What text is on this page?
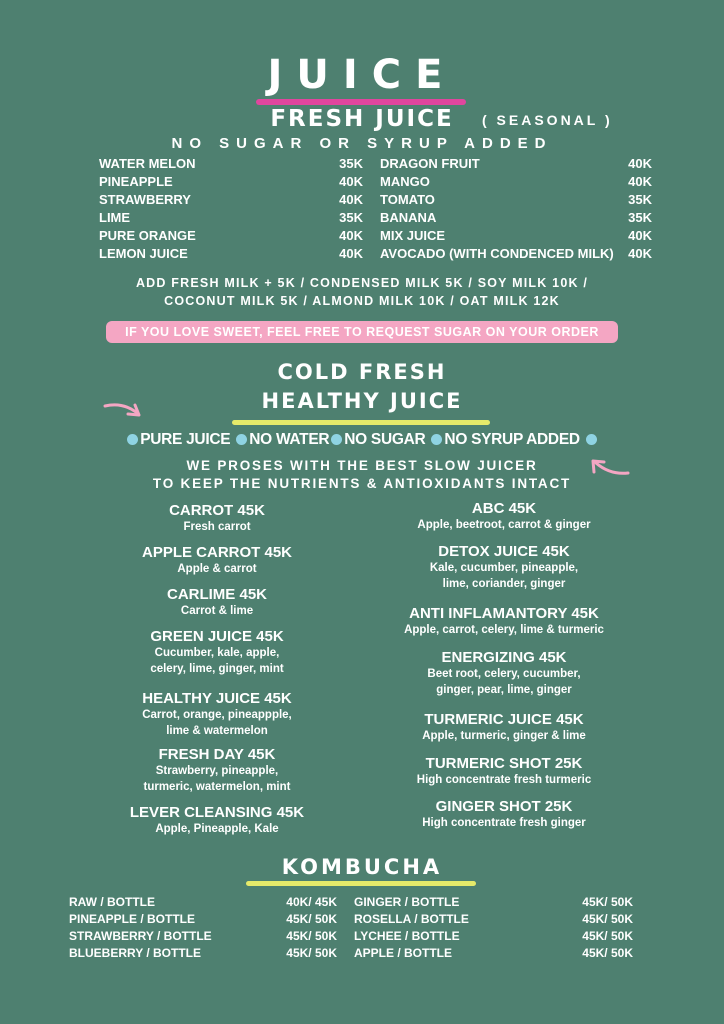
JUICE
FRESH JUICE	( SEASONAL )
NO SUGAR OR SYRUP ADDED
WATER MELON	35K
PINEAPPLE	40K
STRAWBERRY	40K
LIME	35K
PURE ORANGE	40K
LEMON JUICE	40K
DRAGON FRUIT	40K
MANGO	40K
TOMATO	35K
BANANA	35K
MIX JUICE	40K
AVOCADO (WITH CONDENCED MILK) 40K
ADD FRESH MILK + 5K / CONDENSED MILK 5K / SOY MILK 10K /
COCONUT MILK 5K / ALMOND MILK 10K / OAT MILK 12K
IF YOU LOVE SWEET, FEEL FREE TO REQUEST SUGAR ON YOUR ORDER
COLD FRESH
HEALTHY JUICE
PURE JUICE NO WATER NO SUGAR NO SYRUP ADDED
WE PROSES WITH THE BEST SLOW JUICER
TO KEEP THE NUTRIENTS & ANTIOXIDANTS INTACT
CARROT 45K
Fresh carrot
APPLE CARROT 45K
Apple & carrot
CARLIME 45K
Carrot & lime
GREEN JUICE 45K
Cucumber, kale, apple,
celery, lime, ginger, mint
HEALTHY JUICE 45K
Carrot, orange, pineappple,
lime & watermelon
FRESH DAY 45K
Strawberry, pineapple,
turmeric, watermelon, mint
LEVER CLEANSING 45K
Apple, Pineapple, Kale
ABC 45K
Apple, beetroot, carrot & ginger
DETOX JUICE 45K
Kale, cucumber, pineapple,
lime, coriander, ginger
ANTI INFLAMANTORY 45K
Apple, carrot, celery, lime & turmeric
ENERGIZING 45K
Beet root, celery, cucumber,
ginger, pear, lime, ginger
TURMERIC JUICE 45K
Apple, turmeric, ginger & lime
TURMERIC SHOT 25K
High concentrate fresh turmeric
GINGER SHOT 25K
High concentrate fresh ginger
KOMBUCHA
RAW / BOTTLE	40K/ 45K
PINEAPPLE / BOTTLE	45K/ 50K
STRAWBERRY / BOTTLE	45K/ 50K
BLUEBERRY / BOTTLE	45K/ 50K
GINGER / BOTTLE	45K/ 50K
ROSELLA / BOTTLE	45K/ 50K
LYCHEE / BOTTLE	45K/ 50K
APPLE / BOTTLE	45K/ 50K
